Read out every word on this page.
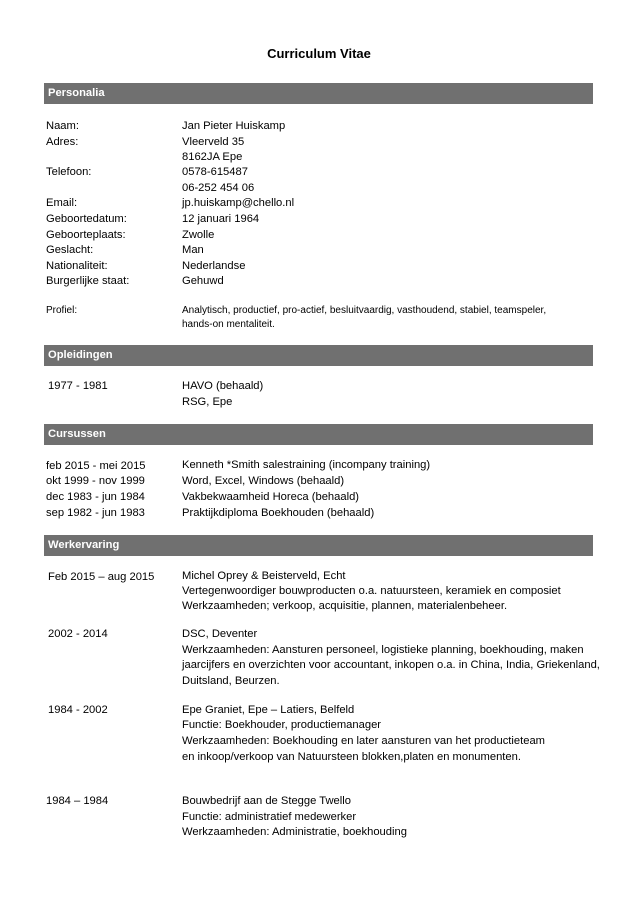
Curriculum Vitae
Personalia
Naam:	Jan Pieter Huiskamp
Adres:	Vleerveld 35
8162JA Epe
Telefoon:	0578-615487
06-252 454 06
Email:	jp.huiskamp@chello.nl
Geboortedatum:	12 januari 1964
Geboorteplaats:	Zwolle
Geslacht:	Man
Nationaliteit:	Nederlandse
Burgerlijke staat:	Gehuwd
Profiel:	Analytisch, productief, pro-actief, besluitvaardig, vasthoudend, stabiel, teamspeler,
hands-on mentaliteit.
Opleidingen
1977 - 1981	HAVO (behaald)
RSG, Epe
Cursussen
feb 2015 - mei 2015	Kenneth *Smith salestraining (incompany training)
okt 1999 - nov 1999	Word, Excel, Windows (behaald)
dec 1983 - jun 1984	Vakbekwaamheid Horeca (behaald)
sep 1982 - jun 1983	Praktijkdiploma Boekhouden (behaald)
Werkervaring
Feb 2015 – aug 2015 Michel Oprey & Beisterveld, Echt
Vertegenwoordiger bouwproducten o.a. natuursteen, keramiek en composiet
Werkzaamheden; verkoop, acquisitie, plannen, materialenbeheer.
2002 - 2014	DSC, Deventer
Werkzaamheden: Aansturen personeel, logistieke planning, boekhouding, maken
jaarcijfers en overzichten voor accountant, inkopen o.a. in China, India, Griekenland,
Duitsland, Beurzen.
1984 - 2002	Epe Graniet, Epe – Latiers, Belfeld
Functie: Boekhouder, productiemanager
Werkzaamheden: Boekhouding en later aansturen van het productieteam
en inkoop/verkoop van Natuursteen blokken,platen en monumenten.
1984 – 1984	Bouwbedrijf aan de Stegge Twello
Functie: administratief medewerker
Werkzaamheden: Administratie, boekhouding
